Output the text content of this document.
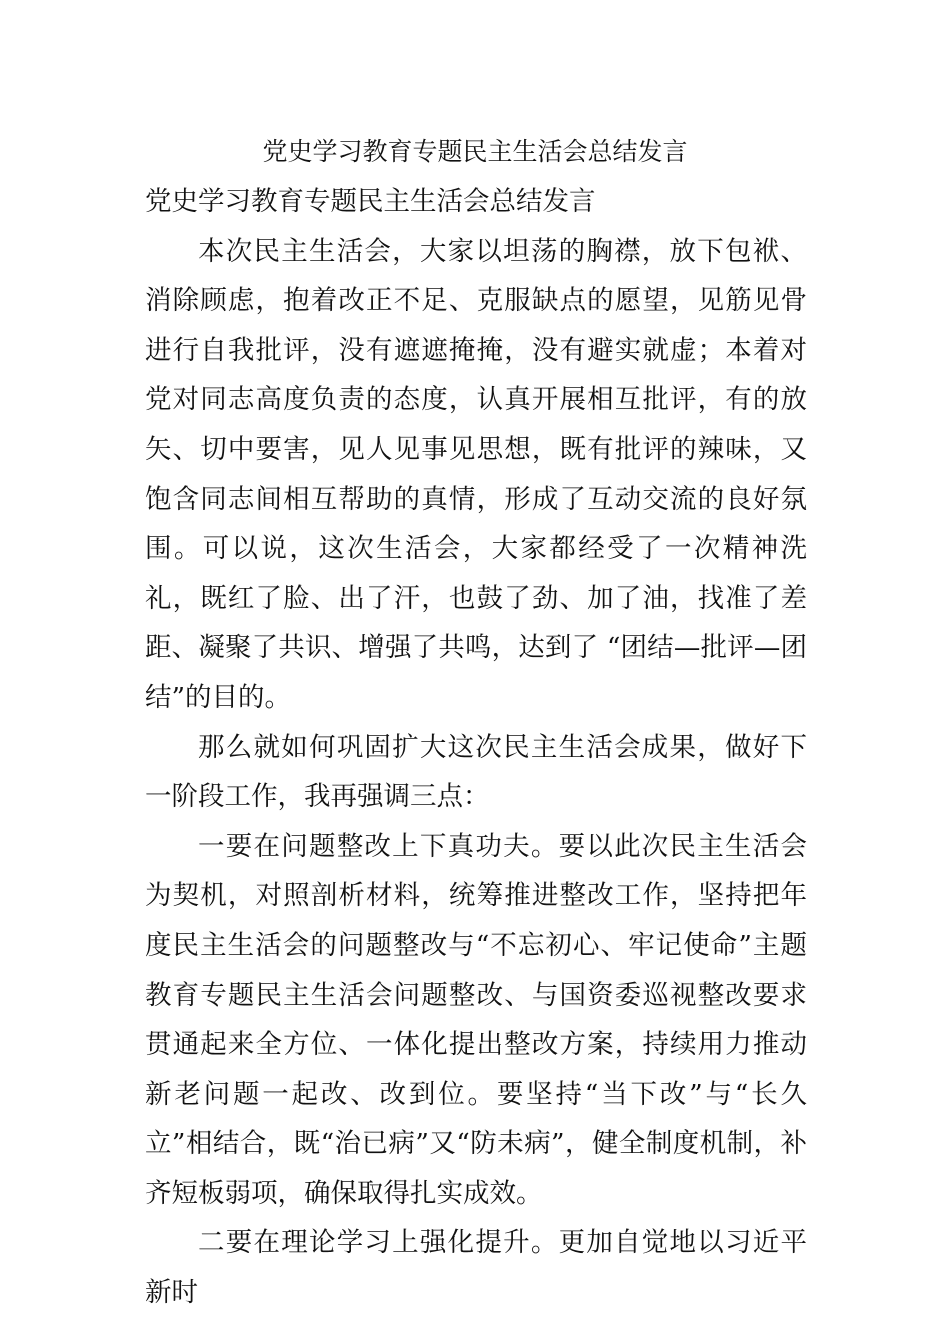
党史学习教育专题民主生活会总结发言

党史学习教育专题民主生活会总结发言

本次民主生活会，大家以坦荡的胸襟，放下包袱、消除顾虑，抱着改正不足、克服缺点的愿望，见筋见骨进行自我批评，没有遮遮掩掩，没有避实就虚；本着对党对同志高度负责的态度，认真开展相互批评，有的放矢、切中要害，见人见事见思想，既有批评的辣味，又饱含同志间相互帮助的真情，形成了互动交流的良好氛围。可以说，这次生活会，大家都经受了一次精神洗礼，既红了脸、出了汗，也鼓了劲、加了油，找准了差距、凝聚了共识、增强了共鸣，达到了 “团结—批评—团结”的目的。

那么就如何巩固扩大这次民主生活会成果，做好下一阶段工作，我再强调三点：

一要在问题整改上下真功夫。要以此次民主生活会为契机，对照剖析材料，统筹推进整改工作，坚持把年度民主生活会的问题整改与“不忘初心、牢记使命”主题教育专题民主生活会问题整改、与国资委巡视整改要求贯通起来全方位、一体化提出整改方案，持续用力推动新老问题一起改、改到位。要坚持“当下改”与“长久立”相结合，既“治已病”又“防未病”，健全制度机制，补齐短板弱项，确保取得扎实成效。

二要在理论学习上强化提升。更加自觉地以习近平新时
